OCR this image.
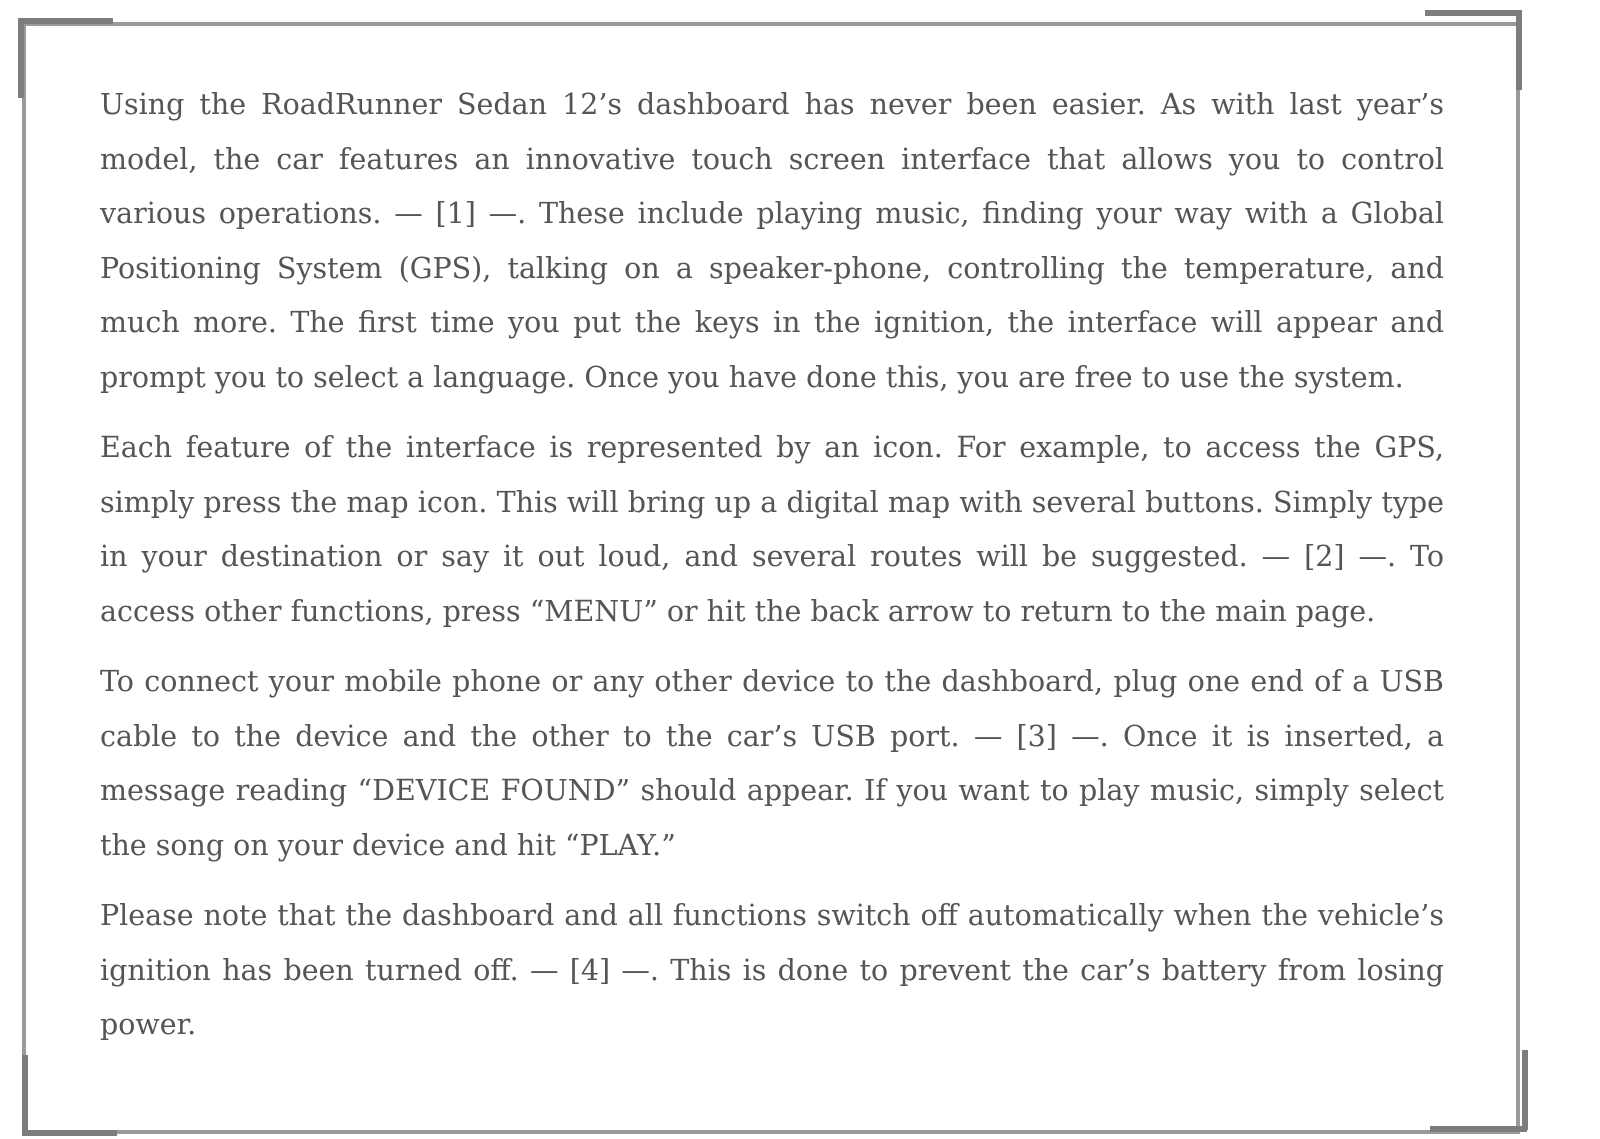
Using the RoadRunner Sedan 12’s dashboard has never been easier. As with last year’s model, the car features an innovative touch screen interface that allows you to control various operations. — [1] —. These include playing music, finding your way with a Global Positioning System (GPS), talking on a speaker-phone, controlling the temperature, and much more. The first time you put the keys in the ignition, the interface will appear and prompt you to select a language. Once you have done this, you are free to use the system.

Each feature of the interface is represented by an icon. For example, to access the GPS, simply press the map icon. This will bring up a digital map with several buttons. Simply type in your destination or say it out loud, and several routes will be suggested. — [2] —. To access other functions, press “MENU” or hit the back arrow to return to the main page.

To connect your mobile phone or any other device to the dashboard, plug one end of a USB cable to the device and the other to the car’s USB port. — [3] —. Once it is inserted, a message reading “DEVICE FOUND” should appear. If you want to play music, simply select the song on your device and hit “PLAY.”

Please note that the dashboard and all functions switch off automatically when the vehicle’s ignition has been turned off. — [4] —. This is done to prevent the car’s battery from losing power.
